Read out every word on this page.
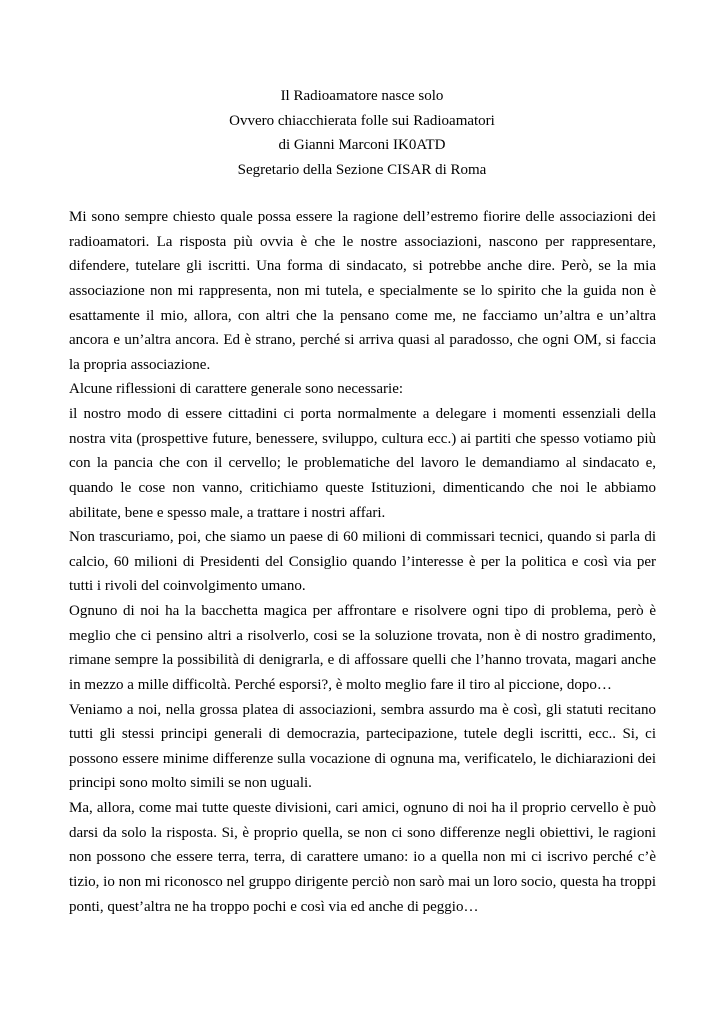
Il Radioamatore nasce solo
Ovvero chiacchierata folle sui Radioamatori
di Gianni Marconi IK0ATD
Segretario della Sezione CISAR di Roma

Mi sono sempre chiesto quale possa essere la ragione dell’estremo fiorire delle associazioni dei radioamatori. La risposta più ovvia è che le nostre associazioni, nascono per rappresentare, difendere, tutelare gli iscritti. Una forma di sindacato, si potrebbe anche dire. Però, se la mia associazione non mi rappresenta, non mi tutela, e specialmente se lo spirito che la guida non è esattamente il mio, allora, con altri che la pensano come me, ne facciamo un’altra e un’altra ancora e un’altra ancora. Ed è strano, perché si arriva quasi al paradosso, che ogni OM, si faccia la propria associazione.

Alcune riflessioni di carattere generale sono necessarie:

il nostro modo di essere cittadini ci porta normalmente a delegare i momenti essenziali della nostra vita (prospettive future, benessere, sviluppo, cultura ecc.) ai partiti che spesso votiamo più con la pancia che con il cervello; le problematiche del lavoro le demandiamo al sindacato e, quando le cose non vanno, critichiamo queste Istituzioni, dimenticando che noi le abbiamo abilitate, bene e spesso male, a trattare i nostri affari.

Non trascuriamo, poi, che siamo un paese di 60 milioni di commissari tecnici, quando si parla di calcio, 60 milioni di Presidenti del Consiglio quando l’interesse è per la politica e così via per tutti i rivoli del coinvolgimento umano.

Ognuno di noi ha la bacchetta magica per affrontare e risolvere ogni tipo di problema, però è meglio che ci pensino altri a risolverlo, cosi se la soluzione trovata, non è di nostro gradimento, rimane sempre la possibilità di denigrarla, e di affossare quelli che l’hanno trovata, magari anche in mezzo a mille difficoltà. Perché esporsi?, è molto meglio fare il tiro al piccione, dopo…

Veniamo a noi, nella grossa platea di associazioni, sembra assurdo ma è così, gli statuti recitano tutti gli stessi principi generali di democrazia, partecipazione, tutele degli iscritti, ecc.. Si, ci possono essere minime differenze sulla vocazione di ognuna ma, verificatelo, le dichiarazioni dei principi sono molto simili se non uguali.

Ma, allora, come mai tutte queste divisioni, cari amici, ognuno di noi ha il proprio cervello è può darsi da solo la risposta. Si, è proprio quella, se non ci sono differenze negli obiettivi, le ragioni non possono che essere terra, terra, di carattere umano: io a quella non mi ci iscrivo perché c’è tizio, io non mi riconosco nel gruppo dirigente perciò non sarò mai un loro socio, questa ha troppi ponti, quest’altra ne ha troppo pochi e così via ed anche di peggio…
